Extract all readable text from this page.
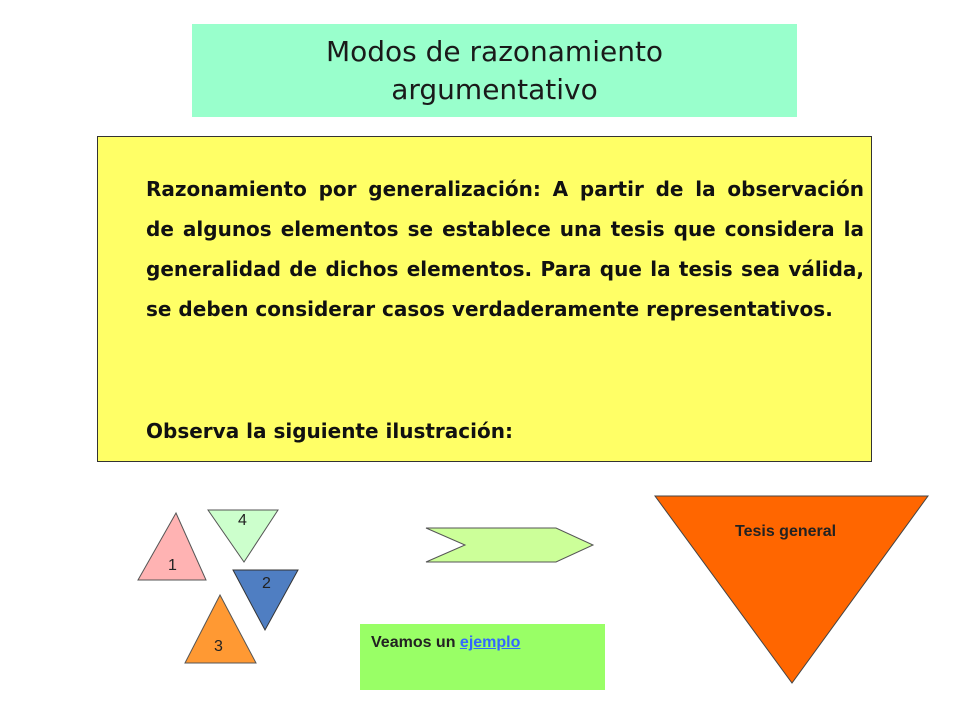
Modos de razonamiento argumentativo

Razonamiento por generalización: A partir de la observación de algunos elementos se establece una tesis que considera la generalidad de dichos elementos. Para que la tesis sea válida, se deben considerar casos verdaderamente representativos.

Observa la siguiente ilustración:

1
2
3
4
Tesis general
Veamos un ejemplo
